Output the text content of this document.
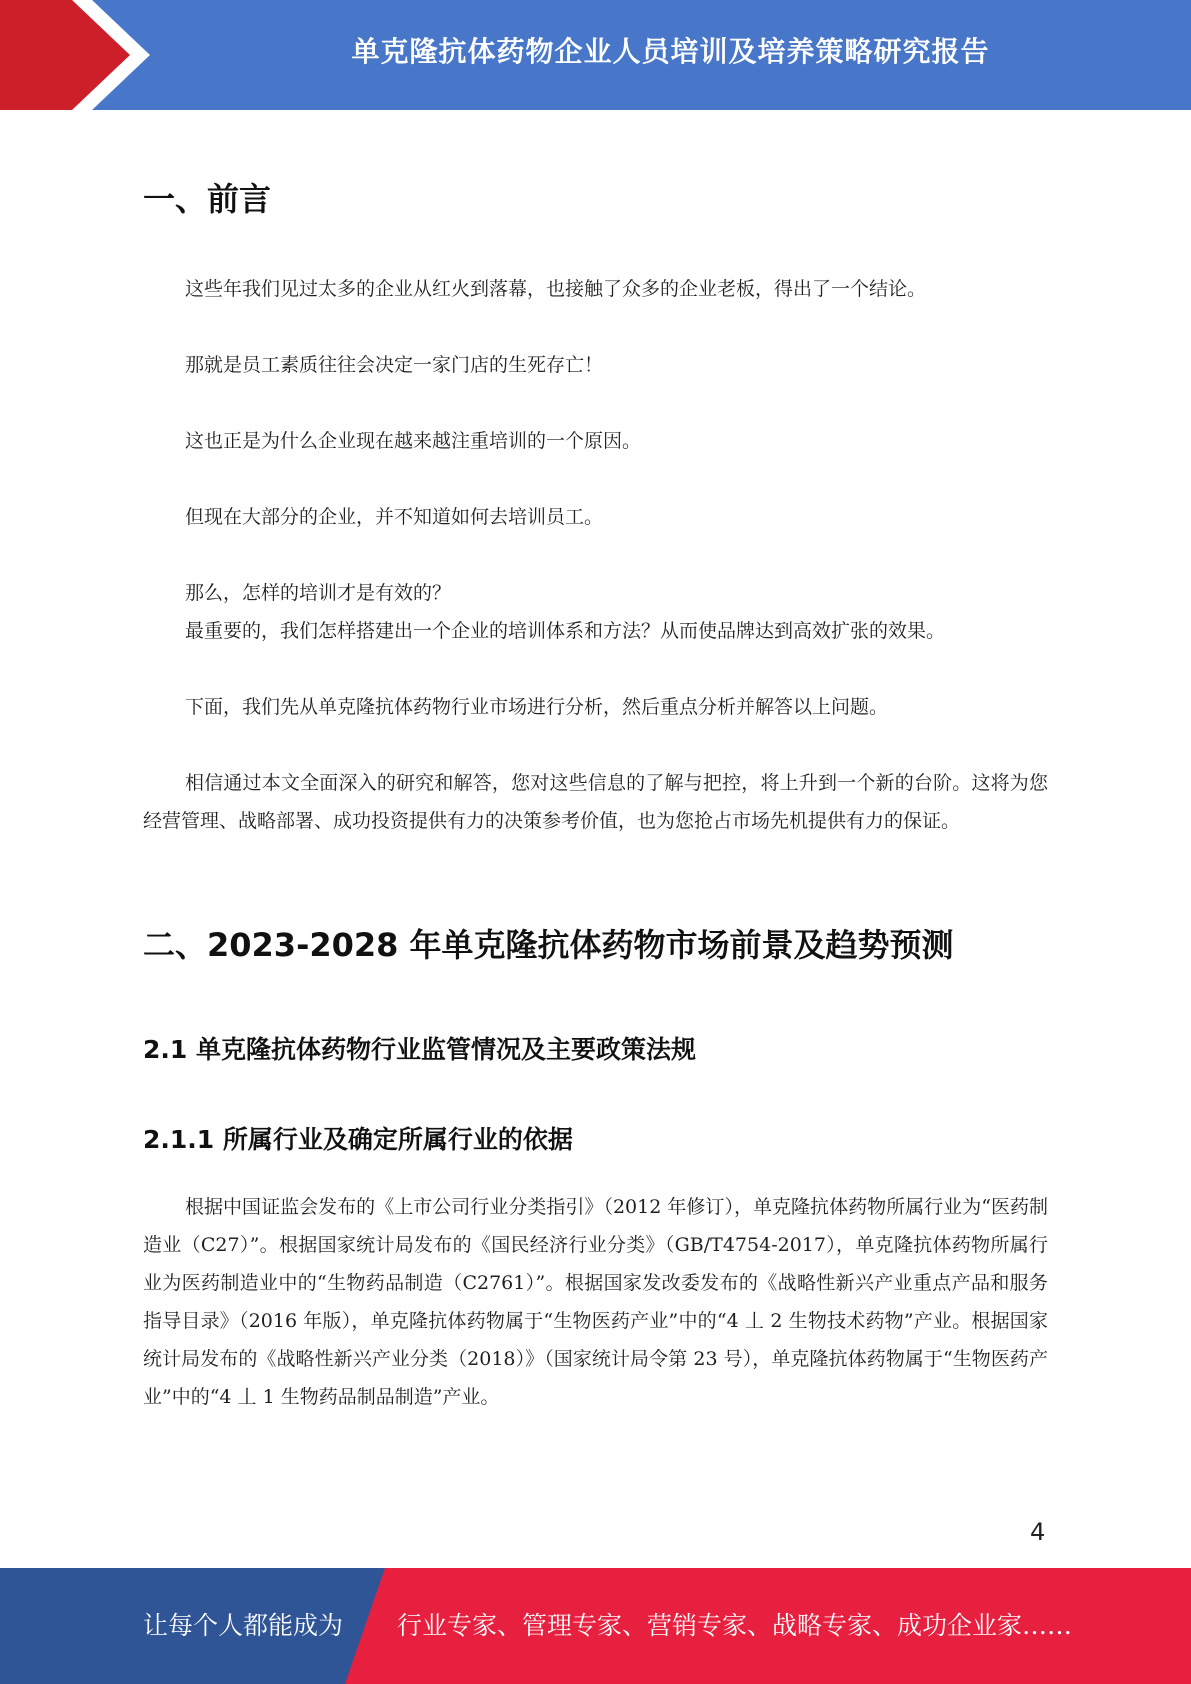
单克隆抗体药物企业人员培训及培养策略研究报告
一、前言

这些年我们见过太多的企业从红火到落幕，也接触了众多的企业老板，得出了一个结论。

那就是员工素质往往会决定一家门店的生死存亡！

这也正是为什么企业现在越来越注重培训的一个原因。

但现在大部分的企业，并不知道如何去培训员工。

那么，怎样的培训才是有效的？

最重要的，我们怎样搭建出一个企业的培训体系和方法？从而使品牌达到高效扩张的效果。

下面，我们先从单克隆抗体药物行业市场进行分析，然后重点分析并解答以上问题。

相信通过本文全面深入的研究和解答，您对这些信息的了解与把控，将上升到一个新的台阶。这将为您经营管理、战略部署、成功投资提供有力的决策参考价值，也为您抢占市场先机提供有力的保证。

二、2023-2028 年单克隆抗体药物市场前景及趋势预测
2.1 单克隆抗体药物行业监管情况及主要政策法规
2.1.1 所属行业及确定所属行业的依据

根据中国证监会发布的《上市公司行业分类指引》（2012 年修订），单克隆抗体药物所属行业为“医药制造业（C27）”。根据国家统计局发布的《国民经济行业分类》（GB/T4754-2017），单克隆抗体药物所属行业为医药制造业中的“生物药品制造（C2761）”。根据国家发改委发布的《战略性新兴产业重点产品和服务指导目录》（2016 年版），单克隆抗体药物属于“生物医药产业”中的“4 丄 2 生物技术药物”产业。根据国家统计局发布的《战略性新兴产业分类（2018）》（国家统计局令第 23 号），单克隆抗体药物属于“生物医药产业”中的“4 丄 1 生物药品制品制造”产业。

4
让每个人都能成为 行业专家、管理专家、营销专家、战略专家、成功企业家……
